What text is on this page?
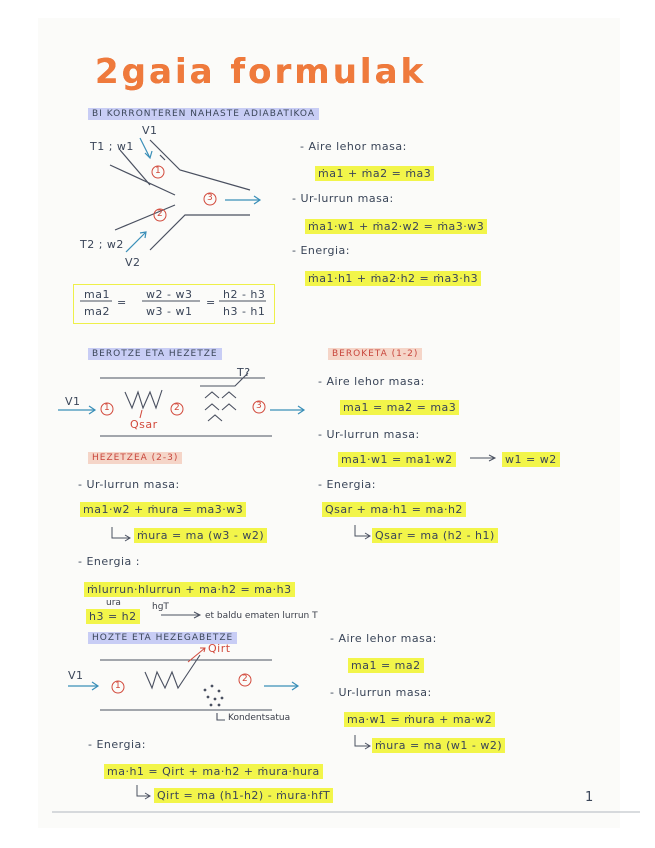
2gaia formulak
BI KORRONTEREN NAHASTE ADIABATIKOA
T1 ; w1
V1
T2 ; w2
V2
1
2
3
- Aire lehor masa:
ṁa1 + ṁa2 = ṁa3
- Ur-lurrun masa:
ṁa1·w1 + ṁa2·w2 = ṁa3·w3
- Energia:
ṁa1·h1 + ṁa2·h2 = ṁa3·h3
ma1
ma2
=
w2 - w3
w3 - w1
=
h2 - h3
h3 - h1
BEROTZE ETA HEZETZE
V1	1	2	3
Qsar
T?
BEROKETA (1-2)
- Aire lehor masa:
ma1 = ma2 = ma3
- Ur-lurrun masa:
ma1·w1 = ma1·w2	w1 = w2
- Energia:
Qsar + ma·h1 = ma·h2
Qsar = ma (h2 - h1)
HEZETZEA (2-3)
- Ur-lurrun masa:
ma1·w2 + ṁura = ma3·w3
ṁura = ma (w3 - w2)
- Energia :
ṁlurrun·hlurrun + ma·h2 = ma·h3
ura	hgT
h3 = h2	et baldu ematen lurrun T
HOZTE ETA HEZEGABETZE
V1
1
2
Qirt
Kondentsatua
- Aire lehor masa:
ma1 = ma2
- Ur-lurrun masa:
ma·w1 = ṁura + ma·w2
ṁura = ma (w1 - w2)
- Energia:
ma·h1 = Qirt + ma·h2 + ṁura·hura
Qirt = ma (h1-h2) - ṁura·hfT	1
